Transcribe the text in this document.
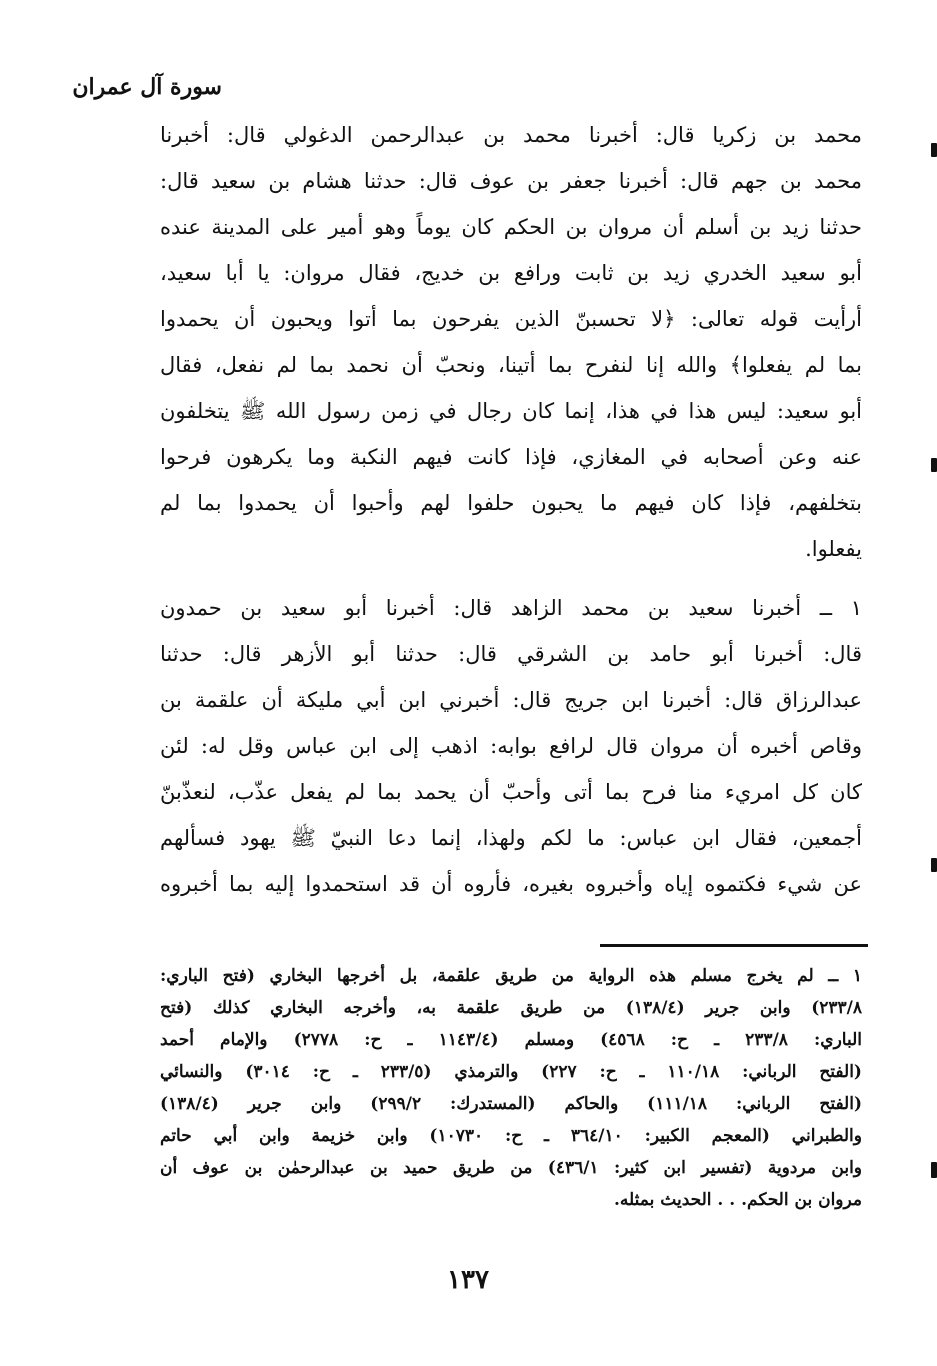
سورة آل عمران
محمد بن زكريا قال: أخبرنا محمد بن عبدالرحمن الدغولي قال: أخبرنا
محمد بن جهم قال: أخبرنا جعفر بن عوف قال: حدثنا هشام بن سعيد قال:
حدثنا زيد بن أسلم أن مروان بن الحكم كان يوماً وهو أمير على المدينة عنده
أبو سعيد الخدري زيد بن ثابت ورافع بن خديج، فقال مروان: يا أبا سعيد،
أرأيت قوله تعالى: ﴿لا تحسبنّ الذين يفرحون بما أتوا ويحبون أن يحمدوا
بما لم يفعلوا﴾ والله إنا لنفرح بما أتينا، ونحبّ أن نحمد بما لم نفعل، فقال
أبو سعيد: ليس هذا في هذا، إنما كان رجال في زمن رسول الله ﷺ يتخلفون
عنه وعن أصحابه في المغازي، فإذا كانت فيهم النكبة وما يكرهون فرحوا
بتخلفهم، فإذا كان فيهم ما يحبون حلفوا لهم وأحبوا أن يحمدوا بما لم
يفعلوا.
١ ــ أخبرنا سعيد بن محمد الزاهد قال: أخبرنا أبو سعيد بن حمدون
قال: أخبرنا أبو حامد بن الشرقي قال: حدثنا أبو الأزهر قال: حدثنا
عبدالرزاق قال: أخبرنا ابن جريج قال: أخبرني ابن أبي مليكة أن علقمة بن
وقاص أخبره أن مروان قال لرافع بوابه: اذهب إلى ابن عباس وقل له: لئن
كان كل امريء منا فرح بما أتى وأحبّ أن يحمد بما لم يفعل عذّب، لنعذّبنّ
أجمعين، فقال ابن عباس: ما لكم ولهذا، إنما دعا النبيّ ﷺ يهود فسألهم
عن شيء فكتموه إياه وأخبروه بغيره، فأروه أن قد استحمدوا إليه بما أخبروه
١ ــ لم يخرج مسلم هذه الرواية من طريق علقمة، بل أخرجها البخاري (فتح الباري:
٢٣٣/٨) وابن جرير (١٣٨/٤) من طريق علقمة به، وأخرجه البخاري كذلك (فتح
الباري: ٢٣٣/٨ ـ ح: ٤٥٦٨) ومسلم (١١٤٣/٤ ـ ح: ٢٧٧٨) والإمام أحمد
(الفتح الرباني: ١١٠/١٨ ـ ح: ٢٢٧) والترمذي (٢٣٣/٥ ـ ح: ٣٠١٤) والنسائي
(الفتح الرباني: ١١١/١٨) والحاكم (المستدرك: ٢٩٩/٢) وابن جرير (١٣٨/٤)
والطبراني (المعجم الكبير: ٣٦٤/١٠ ـ ح: ١٠٧٣٠) وابن خزيمة وابن أبي حاتم
وابن مردوية (تفسير ابن كثير: ٤٣٦/١) من طريق حميد بن عبدالرحمٰن بن عوف أن
مروان بن الحكم. . . الحديث بمثله.
١٣٧
